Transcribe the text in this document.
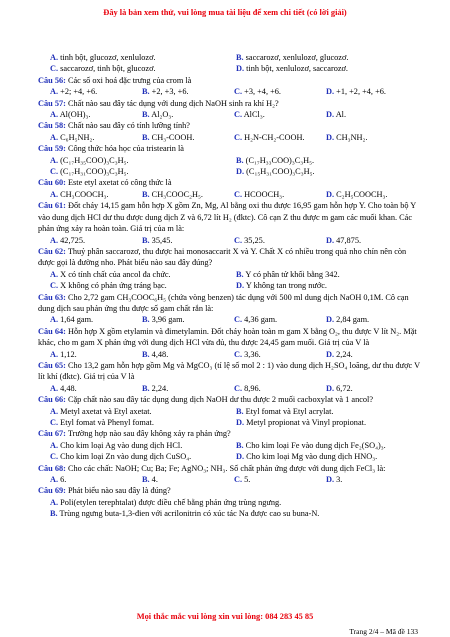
Đây là bản xem thử, vui lòng mua tài liệu để xem chi tiết (có lời giải)
A. tinh bột, glucozơ, xenlulozơ.	B. saccarozơ, xenlulozơ, glucozơ.
C. saccarozơ, tinh bột, glucozơ.	D. tinh bột, xenlulozơ, saccarozơ.
Câu 56: Các số oxi hoá đặc trưng của crom là
A. +2; +4, +6.	B. +2, +3, +6.	C. +3, +4, +6.	D. +1, +2, +4, +6.
Câu 57: Chất nào sau đây tác dụng với dung dịch NaOH sinh ra khí H₂?
A. Al(OH)₃.	B. Al₂O₃.	C. AlCl₃.	D. Al.
Câu 58: Chất nào sau đây có tính lưỡng tính?
A. C₆H₅NH₂.	B. CH₃-COOH.	C. H₂N-CH₂-COOH.	D. CH₃NH₂.
Câu 59: Công thức hóa học của tristearin là
A. (C₁₇H₃₅COO)₃C₃H₅.	B. (C₁₇H₃₃COO)₃C₃H₅.
C. (C₁₇H₃₁COO)₃C₃H₅.	D. (C₁₅H₃₁COO)₃C₃H₅.
Câu 60: Este etyl axetat có công thức là
A. CH₃COOCH₃.	B. CH₃COOC₂H₅.	C. HCOOCH₃.	D. C₂H₅COOCH₃.
Câu 61: Đốt cháy 14,15 gam hỗn hợp X gồm Zn, Mg, Al bằng oxi thu được 16,95 gam hỗn hợp Y. Cho toàn bộ Y vào dung dịch HCl dư thu được dung dịch Z và 6,72 lít H₂ (đktc). Cô cạn Z thu được m gam các muối khan. Các phản ứng xảy ra hoàn toàn. Giá trị của m là:
A. 42,725.	B. 35,45.	C. 35,25.	D. 47,875.
Câu 62: Thuỷ phân saccarozơ, thu được hai monosaccarit X và Y. Chất X có nhiều trong quả nho chín nên còn được gọi là đường nho. Phát biểu nào sau đây đúng?
A. X có tính chất của ancol đa chức.	B. Y có phân tử khối bằng 342.
C. X không có phản ứng tráng bạc.	D. Y không tan trong nước.
Câu 63: Cho 2,72 gam CH₃COOC₆H₅ (chứa vòng benzen) tác dụng với 500 ml dung dịch NaOH 0,1M. Cô cạn dung dịch sau phản ứng thu được số gam chất rắn là:
A. 1,64 gam.	B. 3,96 gam.	C. 4,36 gam.	D. 2,84 gam.
Câu 64: Hỗn hợp X gồm etylamin và đimetylamin. Đốt cháy hoàn toàn m gam X bằng O₂, thu được V lít N₂. Mặt khác, cho m gam X phản ứng với dung dịch HCl vừa đủ, thu được 24,45 gam muối. Giá trị của V là
A. 1,12.	B. 4,48.	C. 3,36.	D. 2,24.
Câu 65: Cho 13,2 gam hỗn hợp gồm Mg và MgCO₃ (tỉ lệ số mol 2 : 1) vào dung dịch H₂SO₄ loãng, dư thu được V lít khí (đktc). Giá trị của V là
A. 4,48.	B. 2,24.	C. 8,96.	D. 6,72.
Câu 66: Cặp chất nào sau đây tác dụng dung dịch NaOH dư thu được 2 muối cacboxylat và 1 ancol?
A. Metyl axetat và Etyl axetat.	B. Etyl fomat và Etyl acrylat.
C. Etyl fomat và Phenyl fomat.	D. Metyl propionat và Vinyl propionat.
Câu 67: Trường hợp nào sau đây không xảy ra phản ứng?
A. Cho kim loại Ag vào dung dịch HCl.	B. Cho kim loại Fe vào dung dịch Fe₂(SO₄)₃.
C. Cho kim loại Zn vào dung dịch CuSO₄.	D. Cho kim loại Mg vào dung dịch HNO₃.
Câu 68: Cho các chất: NaOH; Cu; Ba; Fe; AgNO₃; NH₃. Số chất phản ứng được với dung dịch FeCl₃ là:
A. 6.	B. 4.	C. 5.	D. 3.
Câu 69: Phát biểu nào sau đây là đúng?
A. Poli(etylen terephtalat) được điều chế bằng phản ứng trùng ngưng.
B. Trùng ngưng buta-1,3-đien với acrilonitrin có xúc tác Na được cao su buna-N.
Mọi thắc mắc vui lòng xin vui lòng: 084 283 45 85
Trang 2/4 – Mã đề 133
